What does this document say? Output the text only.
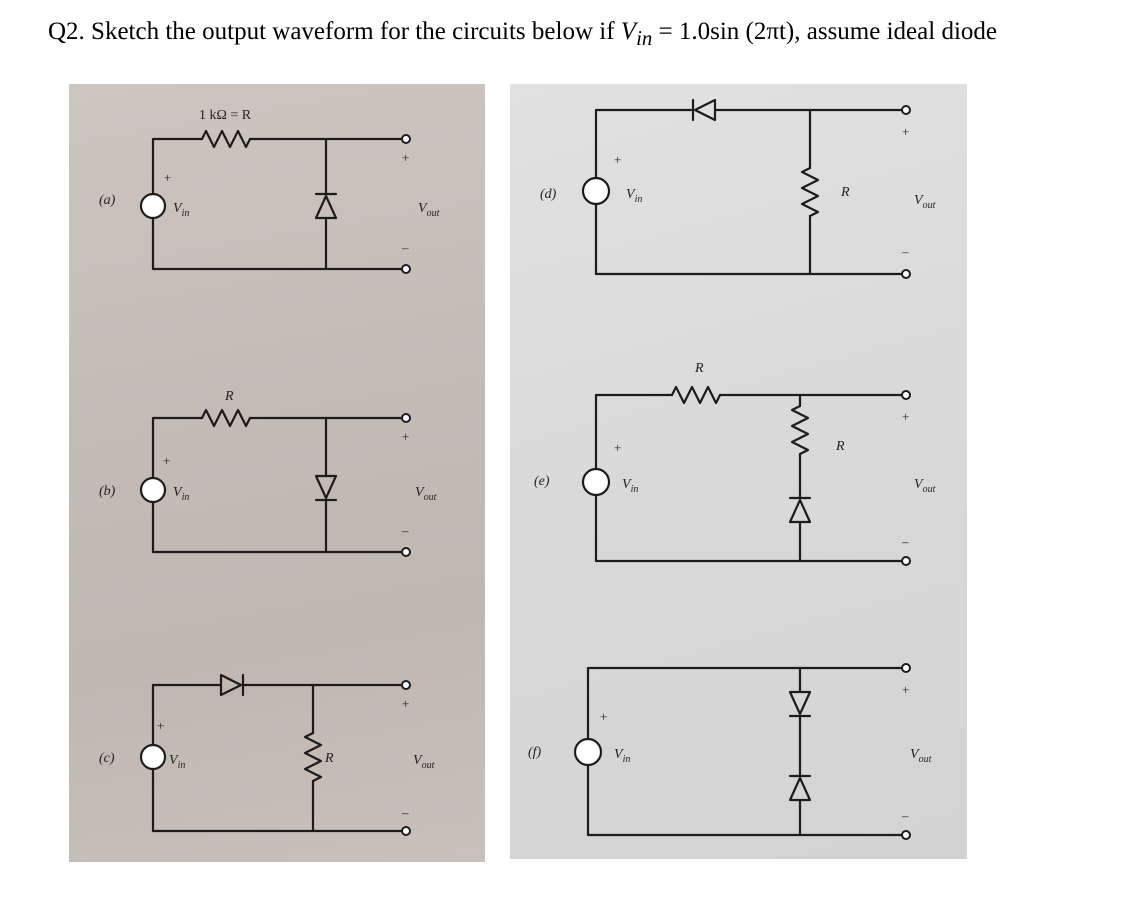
Q2. Sketch the output waveform for the circuits below if $V_{in} = 1.0\sin$ (2πt), assume ideal diode
(a)
+
$V_{in}$
1 kΩ = R
+
–
$V_{out}$
(b)
+
$V_{in}$
R
+
–
$V_{out}$
(c)
+
$V_{in}$	R
+
–
$V_{out}$
(d)
+
$V_{in}$	R
+
–
$V_{out}$
(e)
+
$V_{in}$
R
R
+
–
$V_{out}$
(f)
+
$V_{in}$
+
–
$V_{out}$
